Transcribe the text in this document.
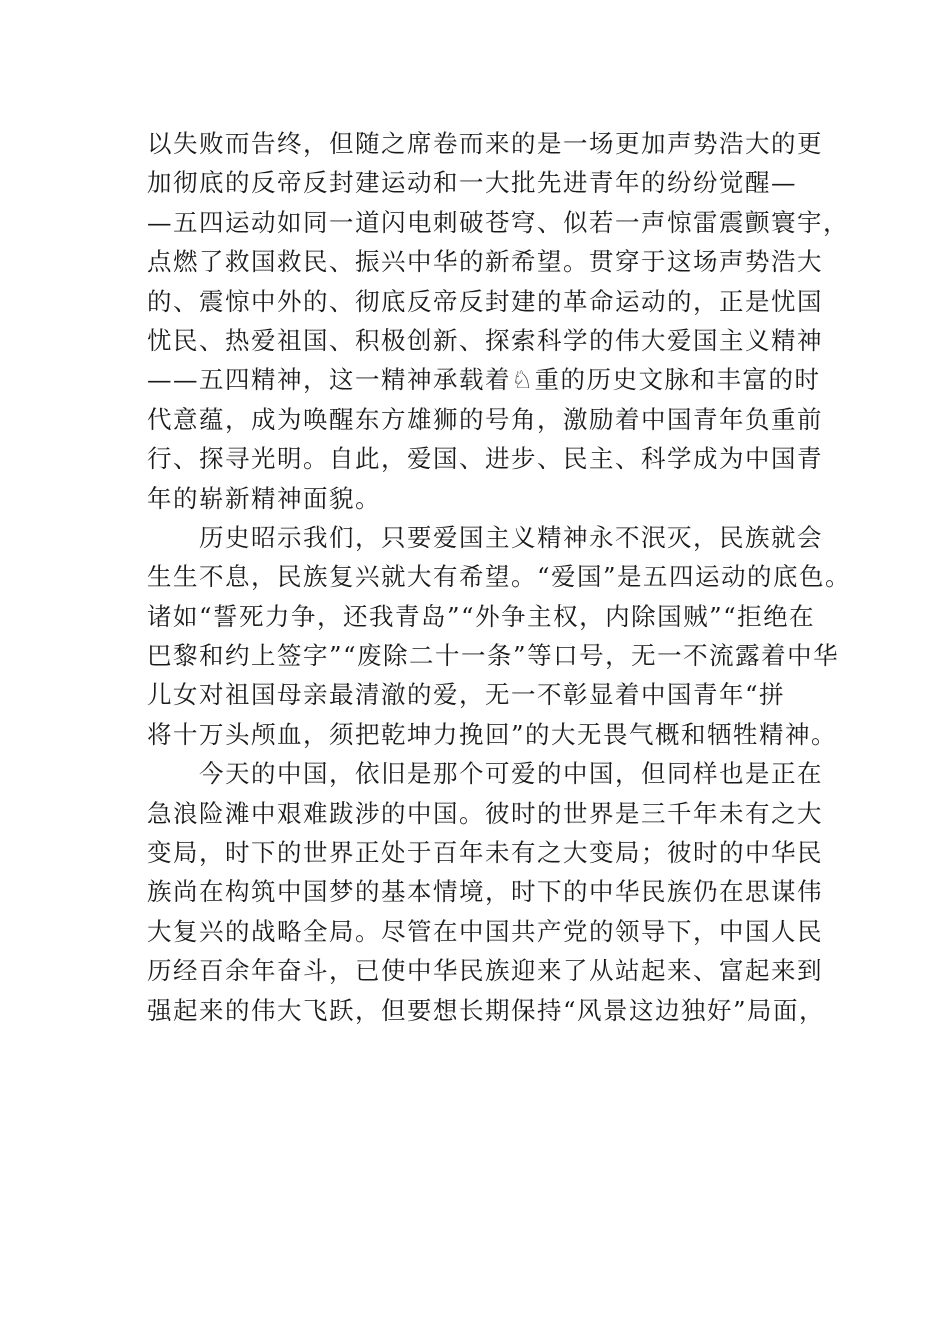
以失败而告终，但随之席卷而来的是一场更加声势浩大的更
加彻底的反帝反封建运动和一大批先进青年的纷纷觉醒—
—五四运动如同一道闪电刺破苍穹、似若一声惊雷震颤寰宇，
点燃了救国救民、振兴中华的新希望。贯穿于这场声势浩大
的、震惊中外的、彻底反帝反封建的革命运动的，正是忧国
忧民、热爱祖国、积极创新、探索科学的伟大爱国主义精神
——五四精神，这一精神承载着♘重的历史文脉和丰富的时
代意蕴，成为唤醒东方雄狮的号角，激励着中国青年负重前
行、探寻光明。自此，爱国、进步、民主、科学成为中国青
年的崭新精神面貌。
　　历史昭示我们，只要爱国主义精神永不泯灭，民族就会
生生不息，民族复兴就大有希望。“爱国”是五四运动的底色。
诸如“誓死力争，还我青岛”“外争主权，内除国贼”“拒绝在
巴黎和约上签字”“废除二十一条”等口号，无一不流露着中华
儿女对祖国母亲最清澈的爱，无一不彰显着中国青年“拼
将十万头颅血，须把乾坤力挽回”的大无畏气概和牺牲精神。
　　今天的中国，依旧是那个可爱的中国，但同样也是正在
急浪险滩中艰难跋涉的中国。彼时的世界是三千年未有之大
变局，时下的世界正处于百年未有之大变局；彼时的中华民
族尚在构筑中国梦的基本情境，时下的中华民族仍在思谋伟
大复兴的战略全局。尽管在中国共产党的领导下，中国人民
历经百余年奋斗，已使中华民族迎来了从站起来、富起来到
强起来的伟大飞跃，但要想长期保持“风景这边独好”局面，
